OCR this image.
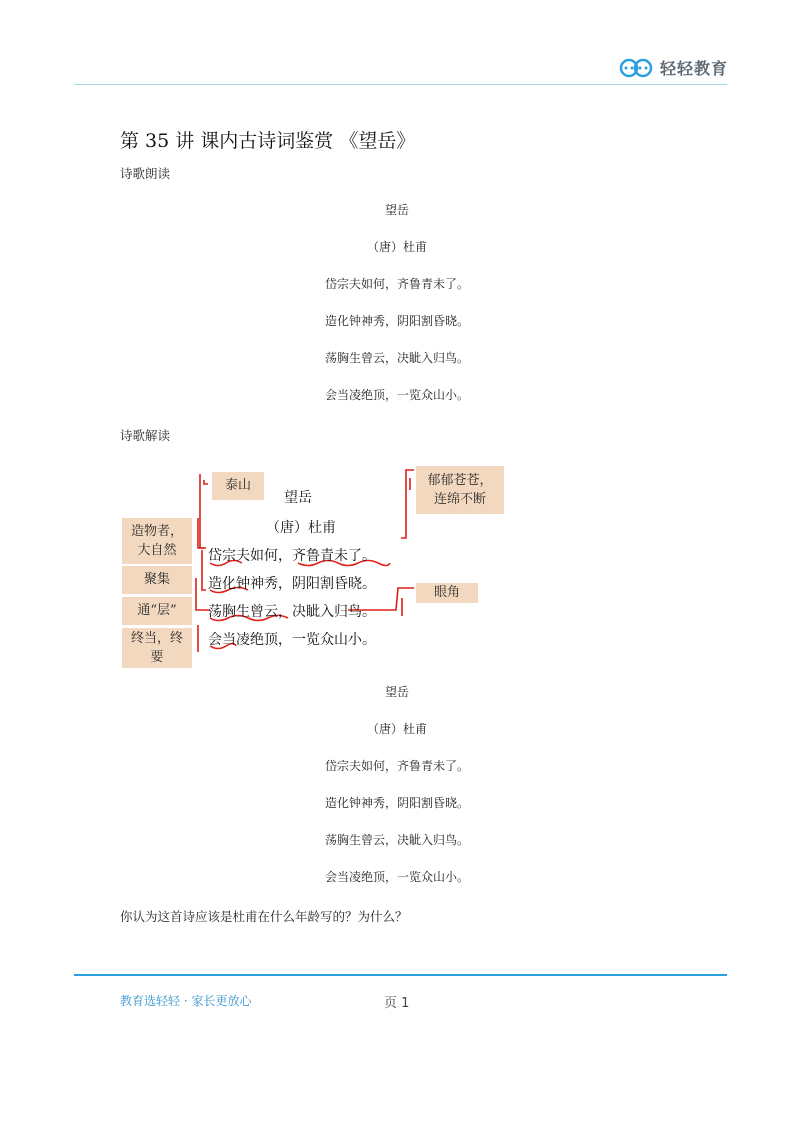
轻轻教育
第 35 讲 课内古诗词鉴赏 《望岳》
诗歌朗读
望岳
（唐）杜甫
岱宗夫如何，齐鲁青未了。
造化钟神秀，阴阳割昏晓。
荡胸生曾云，决眦入归鸟。
会当凌绝顶，一览众山小。
诗歌解读
泰山
造物者，大自然
聚集
通“层”
终当，终要
郁郁苍苍，连绵不断
眼角
望岳
（唐）杜甫
岱宗夫如何，齐鲁青未了。
造化钟神秀，阴阳割昏晓。
荡胸生曾云，决眦入归鸟。
会当凌绝顶，一览众山小。
望岳
（唐）杜甫
岱宗夫如何，齐鲁青未了。
造化钟神秀，阴阳割昏晓。
荡胸生曾云，决眦入归鸟。
会当凌绝顶，一览众山小。
你认为这首诗应该是杜甫在什么年龄写的？为什么？
教育选轻轻 · 家长更放心	页 1
